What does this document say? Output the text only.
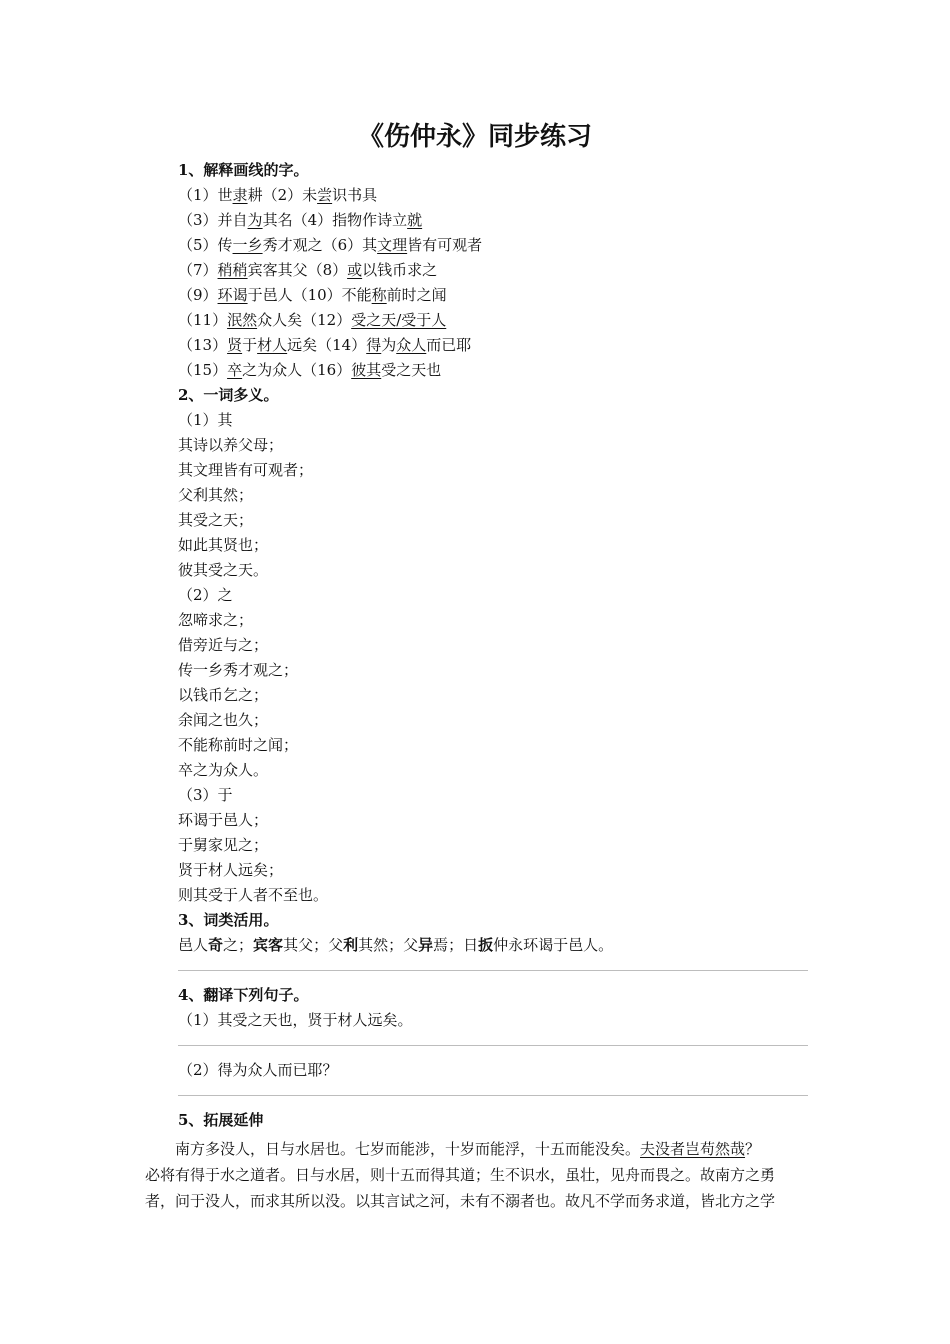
《伤仲永》同步练习
1、解释画线的字。
（1）世隶耕（2）未尝识书具
（3）并自为其名（4）指物作诗立就
（5）传一乡秀才观之（6）其文理皆有可观者
（7）稍稍宾客其父（8）或以钱币求之
（9）环谒于邑人（10）不能称前时之闻
（11）泯然众人矣（12）受之天/受于人
（13）贤于材人远矣（14）得为众人而已耶
（15）卒之为众人（16）彼其受之天也
2、一词多义。
（1）其
其诗以养父母；
其文理皆有可观者；
父利其然；
其受之天；
如此其贤也；
彼其受之天。
（2）之
忽啼求之；
借旁近与之；
传一乡秀才观之；
以钱币乞之；
余闻之也久；
不能称前时之闻；
卒之为众人。
（3）于
环谒于邑人；
于舅家见之；
贤于材人远矣；
则其受于人者不至也。
3、词类活用。
邑人奇之；宾客其父；父利其然；父异焉；日扳仲永环谒于邑人。
4、翻译下列句子。
（1）其受之天也，贤于材人远矣。
（2）得为众人而已耶？
5、拓展延伸
南方多没人，日与水居也。七岁而能涉，十岁而能浮，十五而能没矣。夫没者岂苟然哉？
必将有得于水之道者。日与水居，则十五而得其道；生不识水，虽壮，见舟而畏之。故南方之勇
者，问于没人，而求其所以没。以其言试之河，未有不溺者也。故凡不学而务求道，皆北方之学
